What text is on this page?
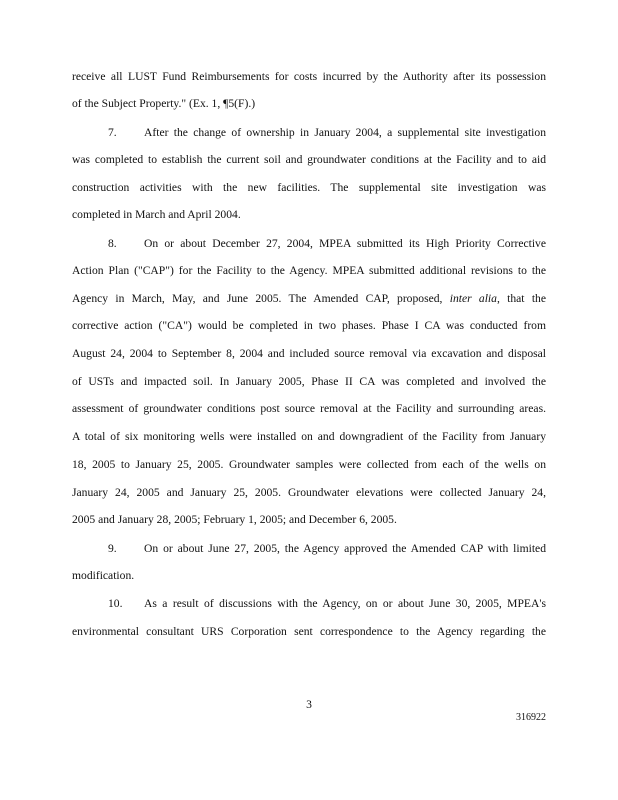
receive all LUST Fund Reimbursements for costs incurred by the Authority after its possession
of the Subject Property." (Ex. 1, ¶5(F).)
7. After the change of ownership in January 2004, a supplemental site investigation
was completed to establish the current soil and groundwater conditions at the Facility and to aid
construction activities with the new facilities. The supplemental site investigation was
completed in March and April 2004.
8. On or about December 27, 2004, MPEA submitted its High Priority Corrective
Action Plan ("CAP") for the Facility to the Agency. MPEA submitted additional revisions to the
Agency in March, May, and June 2005. The Amended CAP, proposed, inter alia, that the
corrective action ("CA") would be completed in two phases. Phase I CA was conducted from
August 24, 2004 to September 8, 2004 and included source removal via excavation and disposal
of USTs and impacted soil. In January 2005, Phase II CA was completed and involved the
assessment of groundwater conditions post source removal at the Facility and surrounding areas.
A total of six monitoring wells were installed on and downgradient of the Facility from January
18, 2005 to January 25, 2005. Groundwater samples were collected from each of the wells on
January 24, 2005 and January 25, 2005. Groundwater elevations were collected January 24,
2005 and January 28, 2005; February 1, 2005; and December 6, 2005.
9. On or about June 27, 2005, the Agency approved the Amended CAP with limited
modification.
10. As a result of discussions with the Agency, on or about June 30, 2005, MPEA's
environmental consultant URS Corporation sent correspondence to the Agency regarding the
3
316922
